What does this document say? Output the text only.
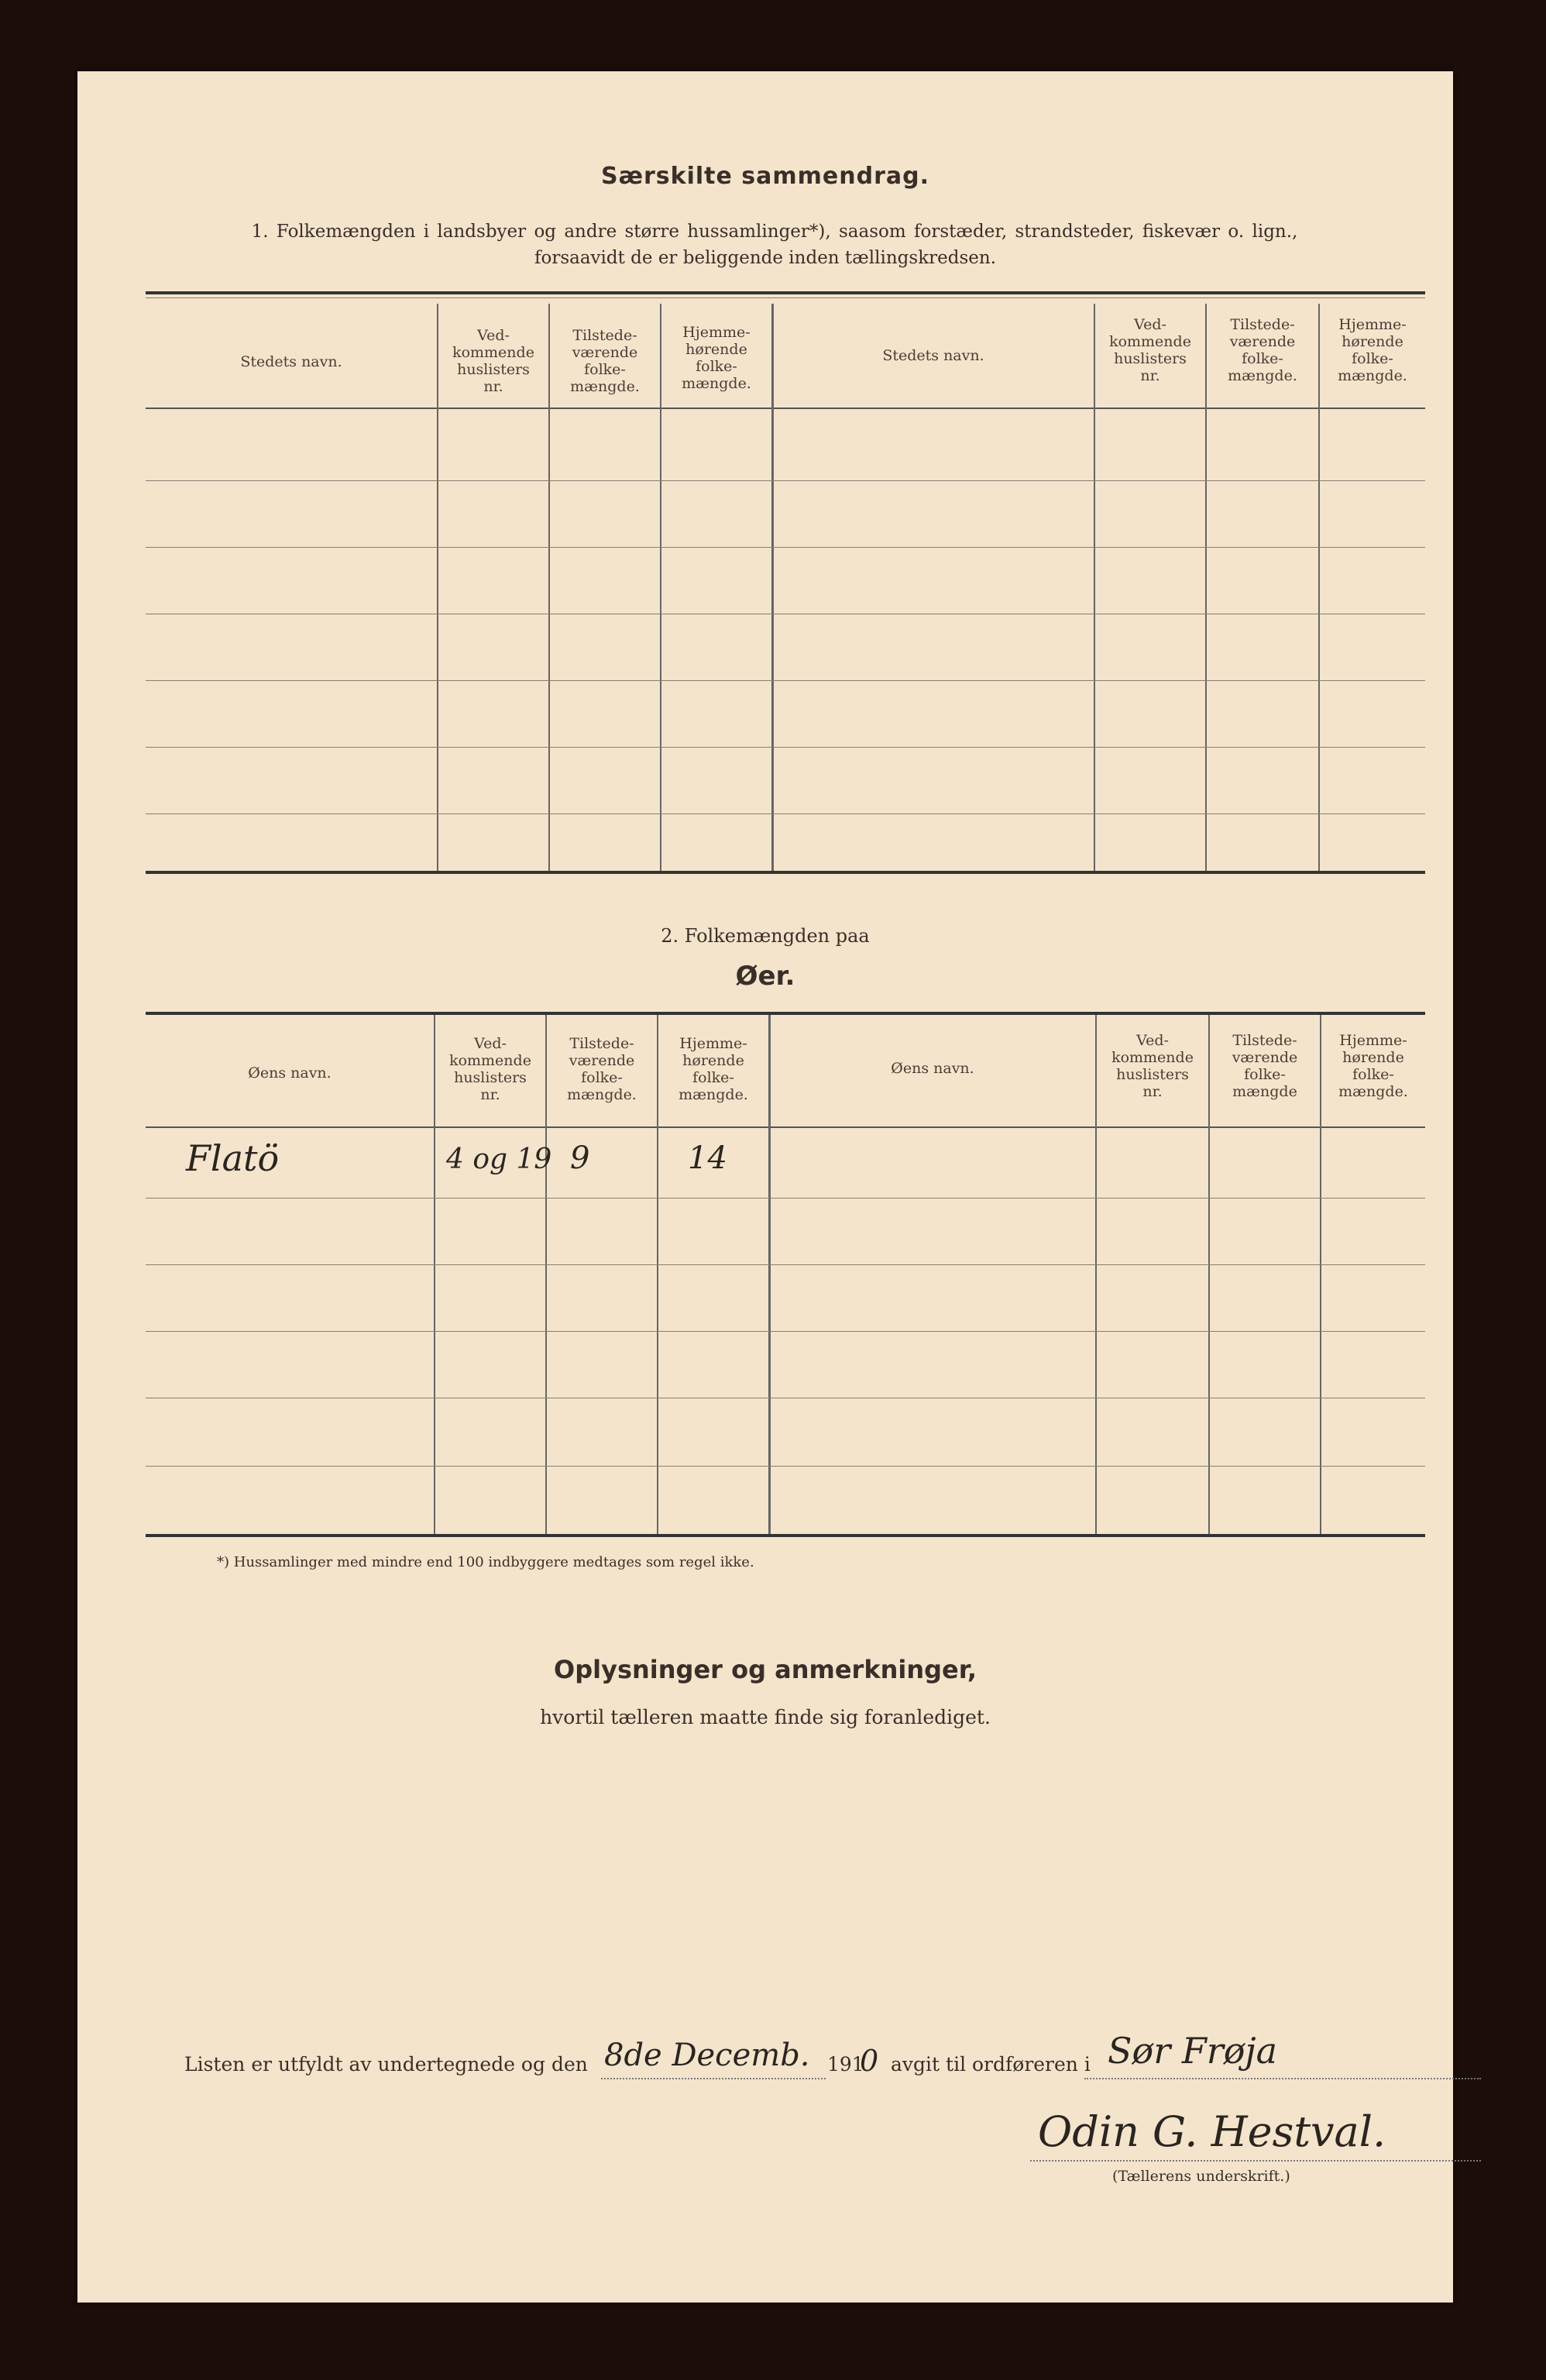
Særskilte sammendrag.
1. Folkemængden i landsbyer og andre større hussamlinger*), saasom forstæder, strandsteder, fiskevær o. lign.,
forsaavidt de er beliggende inden tællingskredsen.
Stedets navn.
Ved-
kommende
huslisters
nr.
Tilstede-
værende
folke-
mængde.
Hjemme-
hørende
folke-
mængde.
Stedets navn.
Ved-
kommende
huslisters
nr.
Tilstede-
værende
folke-
mængde.
Hjemme-
hørende
folke-
mængde.
2. Folkemængden paa
Øer.
Øens navn.
Ved-
kommende
huslisters
nr.
Tilstede-
værende
folke-
mængde.
Hjemme-
hørende
folke-
mængde.
Øens navn.
Ved-
kommende
huslisters
nr.
Tilstede-
værende
folke-
mængde
Hjemme-
hørende
folke-
mængde.
Flatö	4 og 19 9	14
*) Hussamlinger med mindre end 100 indbyggere medtages som regel ikke.
Oplysninger og anmerkninger,
hvortil tælleren maatte finde sig foranlediget.
Listen er utfyldt av undertegnede og den 8de Decemb. 191
0 avgit til ordføreren i Sør Frøja
Odin G. Hestval.
(Tællerens underskrift.)
